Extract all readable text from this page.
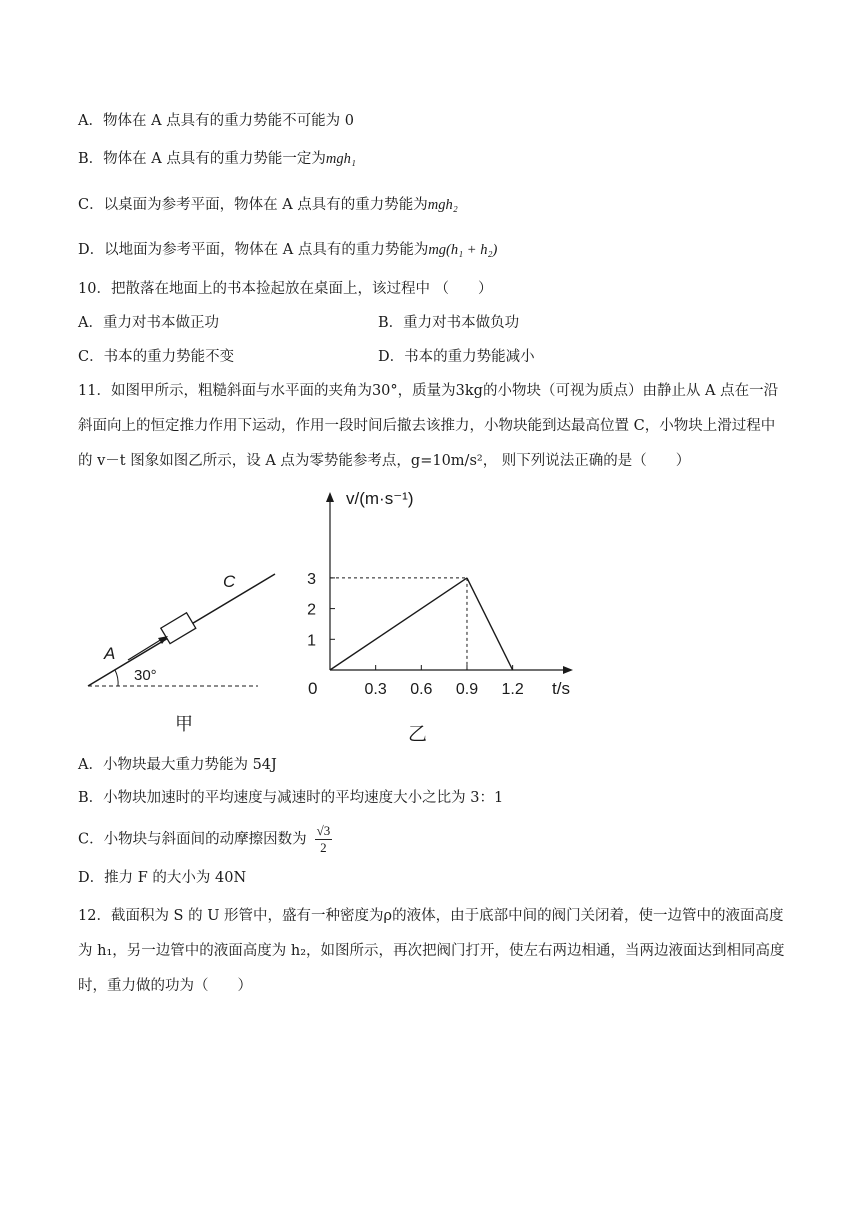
A．物体在 A 点具有的重力势能不可能为 0
B．物体在 A 点具有的重力势能一定为mgh₁
C．以桌面为参考平面，物体在 A 点具有的重力势能为mgh₂
D．以地面为参考平面，物体在 A 点具有的重力势能为mg(h₁ + h₂)
10．把散落在地面上的书本捡起放在桌面上，该过程中 （　　）
A．重力对书本做正功	B．重力对书本做负功
C．书本的重力势能不变	D．书本的重力势能减小
11．如图甲所示，粗糙斜面与水平面的夹角为30°，质量为3kg的小物块（可视为质点）由静止从 A 点在一沿斜面向上的恒定推力作用下运动，作用一段时间后撤去该推力，小物块能到达最高位置 C，小物块上滑过程中的 v－t 图象如图乙所示，设 A 点为零势能参考点，g=10m/s²， 则下列说法正确的是（　　）
A
C
30°
甲
v/(m·s⁻¹)
t/s
0	0.3 0.6 0.9 1.2
1
2
3
乙
A．小物块最大重力势能为 54J
B．小物块加速时的平均速度与减速时的平均速度大小之比为 3：1
C．小物块与斜面间的动摩擦因数为 $\frac{√3}{2}$
D．推力 F 的大小为 40N
12．截面积为 S 的 U 形管中，盛有一种密度为ρ的液体，由于底部中间的阀门关闭着，使一边管中的液面高度为 h₁，另一边管中的液面高度为 h₂，如图所示，再次把阀门打开，使左右两边相通，当两边液面达到相同高度时，重力做的功为（　　）
